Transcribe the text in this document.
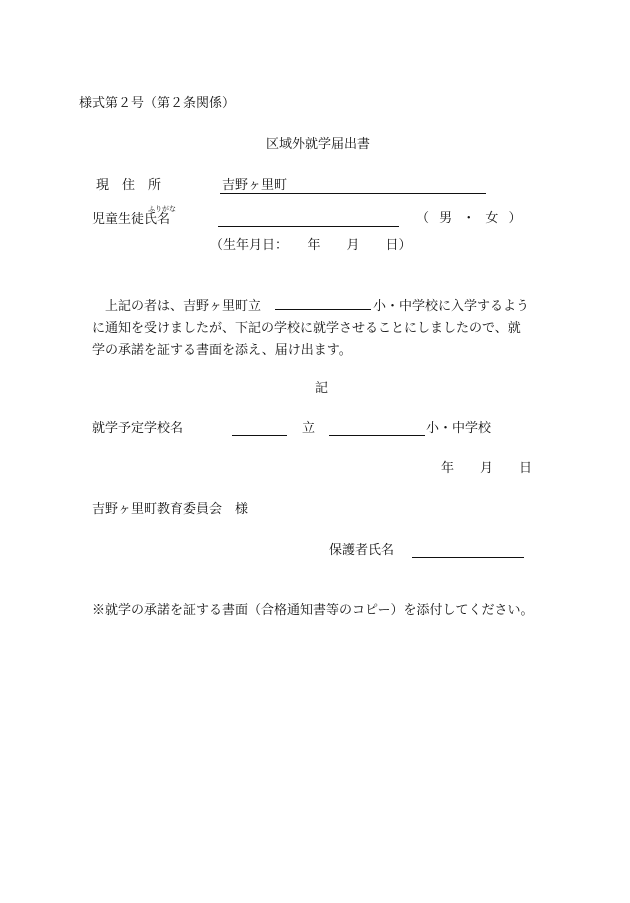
様式第２号（第２条関係）
区域外就学届出書
現　住　所	吉野ヶ里町
ふりがな
児童生徒氏名	（ 男 ・ 女 ）
（生年月日：　　年　　月　　日）
上記の者は、吉野ヶ里町立	小・中学校に入学するよう
に通知を受けましたが、下記の学校に就学させることにしましたので、就
学の承諾を証する書面を添え、届け出ます。
記
就学予定学校名	立	小・中学校
年　　月　　日
吉野ヶ里町教育委員会　様
保護者氏名
※就学の承諾を証する書面（合格通知書等のコピー）を添付してください。
